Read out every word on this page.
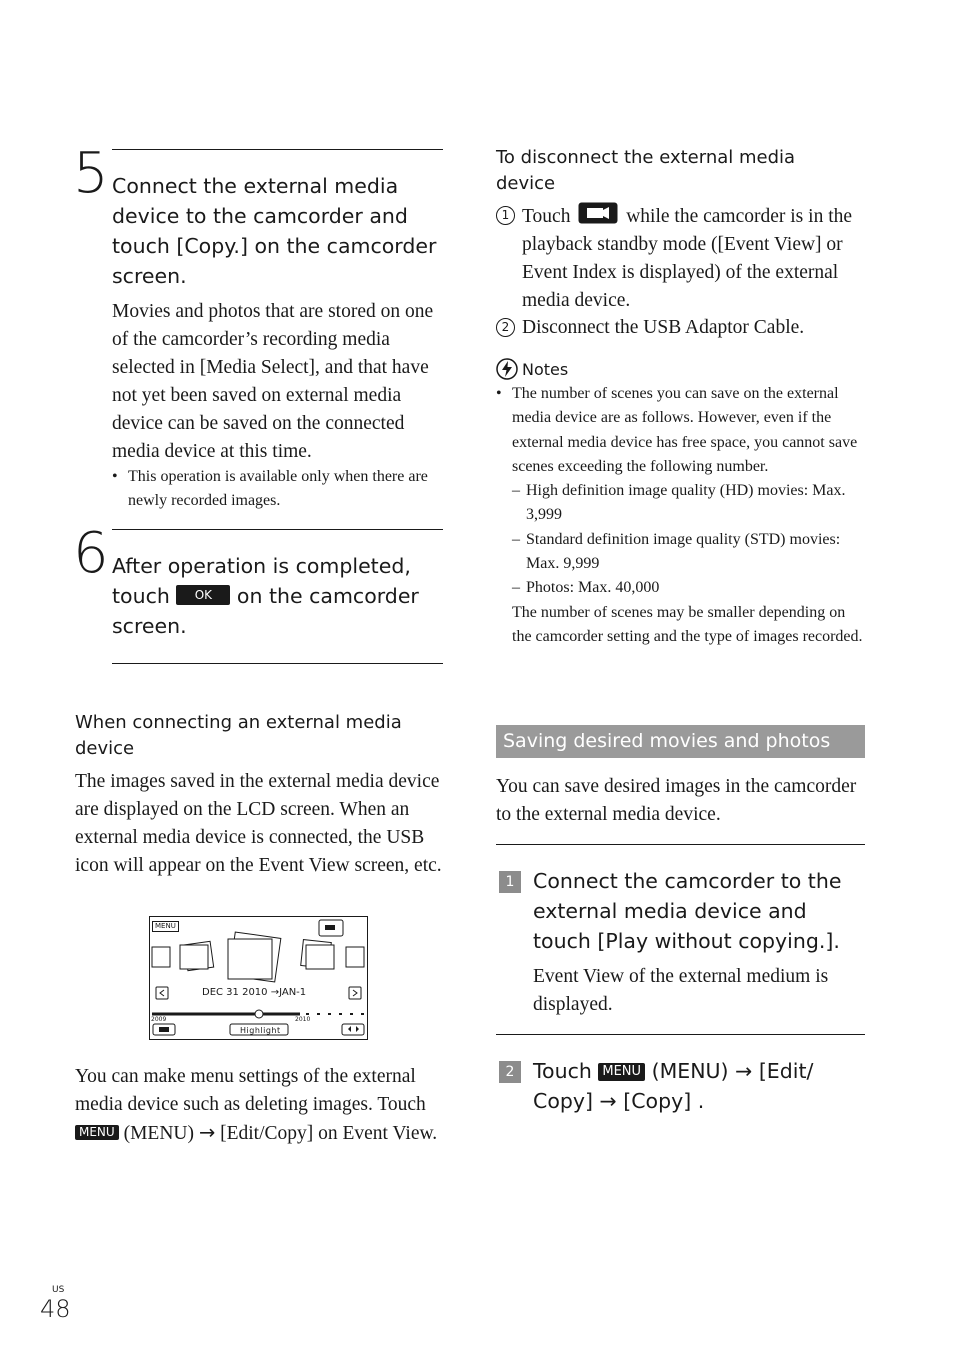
5 Connect the external media device to the camcorder and touch [Copy.] on the camcorder screen.
Movies and photos that are stored on one of the camcorder’s recording media selected in [Media Select], and that have not yet been saved on external media device can be saved on the connected media device at this time.
• This operation is available only when there are newly recorded images.
6 After operation is completed, touch OK on the camcorder screen.
When connecting an external media device
The images saved in the external media device are displayed on the LCD screen. When an external media device is connected, the USB icon will appear on the Event View screen, etc.
MENU
DEC 31 2010 →JAN-1
2009	2010
Highlight
You can make menu settings of the external media device such as deleting images. Touch MENU (MENU) → [Edit/Copy] on Event View.
To disconnect the external media device
1 Touch	while the camcorder is in the playback standby mode ([Event View] or Event Index is displayed) of the external media device.
2 Disconnect the USB Adaptor Cable.
Notes
• The number of scenes you can save on the external media device are as follows. However, even if the external media device has free space, you cannot save scenes exceeding the following number.
– High definition image quality (HD) movies: Max. 3,999
– Standard definition image quality (STD) movies: Max. 9,999
– Photos: Max. 40,000
The number of scenes may be smaller depending on the camcorder setting and the type of images recorded.
Saving desired movies and photos
You can save desired images in the camcorder to the external media device.
1 Connect the camcorder to the external media device and touch [Play without copying.].
Event View of the external medium is displayed.
2 Touch MENU (MENU) → [Edit/
Copy] → [Copy] .
US
48
